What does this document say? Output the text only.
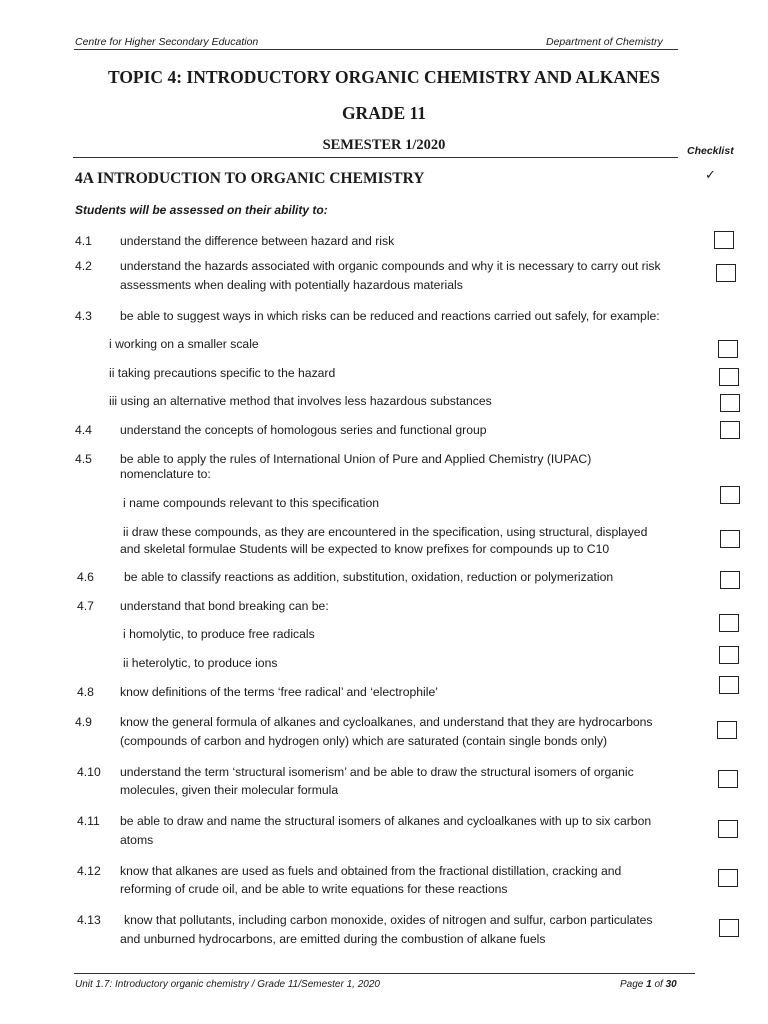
Centre for Higher Secondary Education	Department of Chemistry
TOPIC 4: INTRODUCTORY ORGANIC CHEMISTRY AND ALKANES
GRADE 11
SEMESTER 1/2020	Checklist
4A INTRODUCTION TO ORGANIC CHEMISTRY	✓
Students will be assessed on their ability to:
4.1 understand the difference between hazard and risk
4.2 understand the hazards associated with organic compounds and why it is necessary to carry out risk
assessments when dealing with potentially hazardous materials
4.3 be able to suggest ways in which risks can be reduced and reactions carried out safely, for example:
i working on a smaller scale
ii taking precautions specific to the hazard
iii using an alternative method that involves less hazardous substances
4.4 understand the concepts of homologous series and functional group
4.5 be able to apply the rules of International Union of Pure and Applied Chemistry (IUPAC)
nomenclature to:
i name compounds relevant to this specification
ii draw these compounds, as they are encountered in the specification, using structural, displayed
and skeletal formulae Students will be expected to know prefixes for compounds up to C10
4.6 be able to classify reactions as addition, substitution, oxidation, reduction or polymerization
4.7 understand that bond breaking can be:
i homolytic, to produce free radicals
ii heterolytic, to produce ions
4.8 know definitions of the terms ‘free radical’ and ‘electrophile’
4.9 know the general formula of alkanes and cycloalkanes, and understand that they are hydrocarbons
(compounds of carbon and hydrogen only) which are saturated (contain single bonds only)
4.10 understand the term ‘structural isomerism’ and be able to draw the structural isomers of organic
molecules, given their molecular formula
4.11 be able to draw and name the structural isomers of alkanes and cycloalkanes with up to six carbon
atoms
4.12 know that alkanes are used as fuels and obtained from the fractional distillation, cracking and
reforming of crude oil, and be able to write equations for these reactions
4.13 know that pollutants, including carbon monoxide, oxides of nitrogen and sulfur, carbon particulates
and unburned hydrocarbons, are emitted during the combustion of alkane fuels
Unit 1.7: Introductory organic chemistry / Grade 11/Semester 1, 2020	Page 1 of 30
